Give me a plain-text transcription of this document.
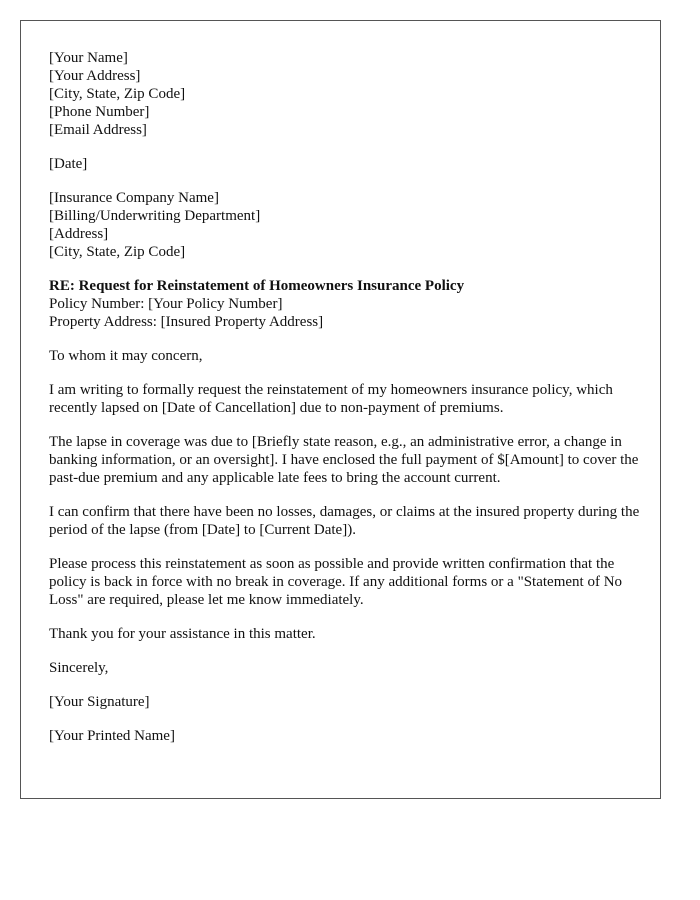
[Your Name]
[Your Address]
[City, State, Zip Code]
[Phone Number]
[Email Address]

[Date]

[Insurance Company Name]
[Billing/Underwriting Department]
[Address]
[City, State, Zip Code]

RE: Request for Reinstatement of Homeowners Insurance Policy
Policy Number: [Your Policy Number]
Property Address: [Insured Property Address]

To whom it may concern,

I am writing to formally request the reinstatement of my homeowners insurance policy, which recently lapsed on [Date of Cancellation] due to non-payment of premiums.

The lapse in coverage was due to [Briefly state reason, e.g., an administrative error, a change in banking information, or an oversight]. I have enclosed the full payment of $[Amount] to cover the past-due premium and any applicable late fees to bring the account current.

I can confirm that there have been no losses, damages, or claims at the insured property during the period of the lapse (from [Date] to [Current Date]).

Please process this reinstatement as soon as possible and provide written confirmation that the policy is back in force with no break in coverage. If any additional forms or a "Statement of No Loss" are required, please let me know immediately.

Thank you for your assistance in this matter.

Sincerely,

[Your Signature]

[Your Printed Name]
